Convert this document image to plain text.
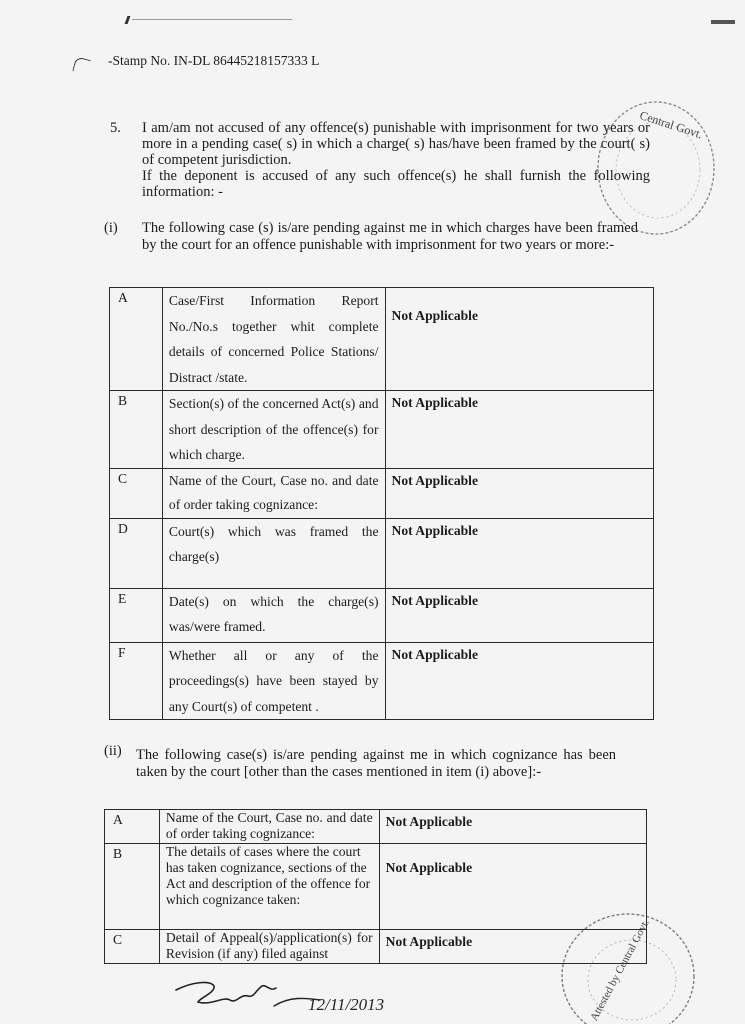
-Stamp No. IN-DL 86445218157333 L
5. I am/am not accused of any offence(s) punishable with imprisonment for two years or more in a pending case( s) in which a charge( s) has/have been framed by the court( s) of competent jurisdiction.

If the deponent is accused of any such offence(s) he shall furnish the following information: -

(i) The following case (s) is/are pending against me in which charges have been framed by the court for an offence punishable with imprisonment for two years or more:-
A	Case/First Information Report No./No.s together whit complete details of concerned Police Stations/ Distract /state.	Not Applicable
B	Section(s) of the concerned Act(s) and short description of the offence(s) for which charge.	Not Applicable
C	Name of the Court, Case no. and date of order taking cognizance:	Not Applicable
D	Court(s) which was framed the charge(s)	Not Applicable
E	Date(s) on which the charge(s) was/were framed.	Not Applicable
F	Whether all or any of the proceedings(s) have been stayed by any Court(s) of competent .	Not Applicable
(ii) The following case(s) is/are pending against me in which cognizance has been taken by the court [other than the cases mentioned in item (i) above]:-
A	Name of the Court, Case no. and date of order taking cognizance:	Not Applicable
B	The details of cases where the court has taken cognizance, sections of the Act and description of the offence for which cognizance taken:	Not Applicable
C	Detail of Appeal(s)/application(s) for Revision (if any) filed against	Not Applicable
Central Govt.
Attested by Central Govt.
12/11/2013
